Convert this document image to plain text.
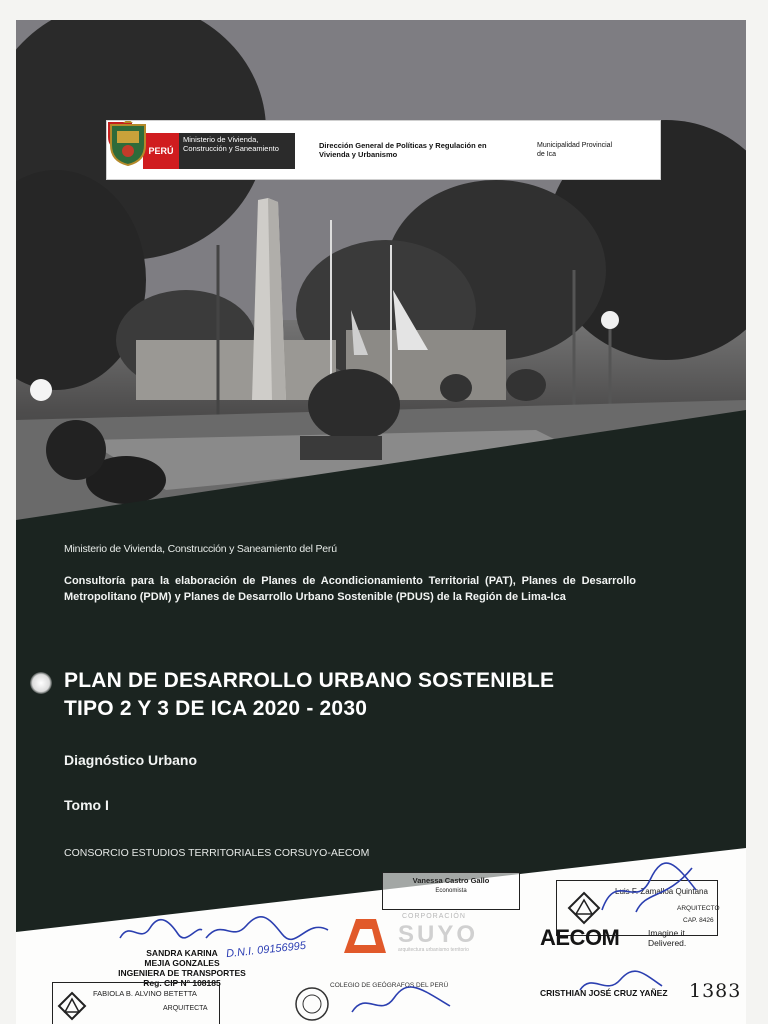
PERÚ
Ministerio de Vivienda, Construcción y Saneamiento	Dirección General de Políticas y Regulación en Vivienda y Urbanismo
Municipalidad Provincial de Ica
Ministerio de Vivienda, Construcción y Saneamiento del Perú
Consultoría para la elaboración de Planes de Acondicionamiento Territorial (PAT), Planes de Desarrollo Metropolitano (PDM) y Planes de Desarrollo Urbano Sostenible (PDUS) de la Región de Lima-Ica
PLAN DE DESARROLLO URBANO SOSTENIBLE
TIPO 2 Y 3 DE ICA 2020 - 2030
Diagnóstico Urbano
Tomo I
CONSORCIO ESTUDIOS TERRITORIALES CORSUYO-AECOM
Vanessa Castro Gallo
Economista	Luis F. Zamalloa Quintana
ARQUITECTO
CAP. 8426
CORPORACIÓN
SUYO
arquitectura urbanismo territorio	AECOM	Imagine it.
Delivered.
SANDRA KARINA
MEJIA GONZALES
INGENIERA DE TRANSPORTES
Reg. CIP N° 108185
D.N.I. 09156995
FABIOLA B. ALVINO BETETTA
ARQUITECTA
COLEGIO DE GEÓGRAFOS DEL PERÚ
CRISTHIAN JOSÉ CRUZ YAÑEZ 1383
